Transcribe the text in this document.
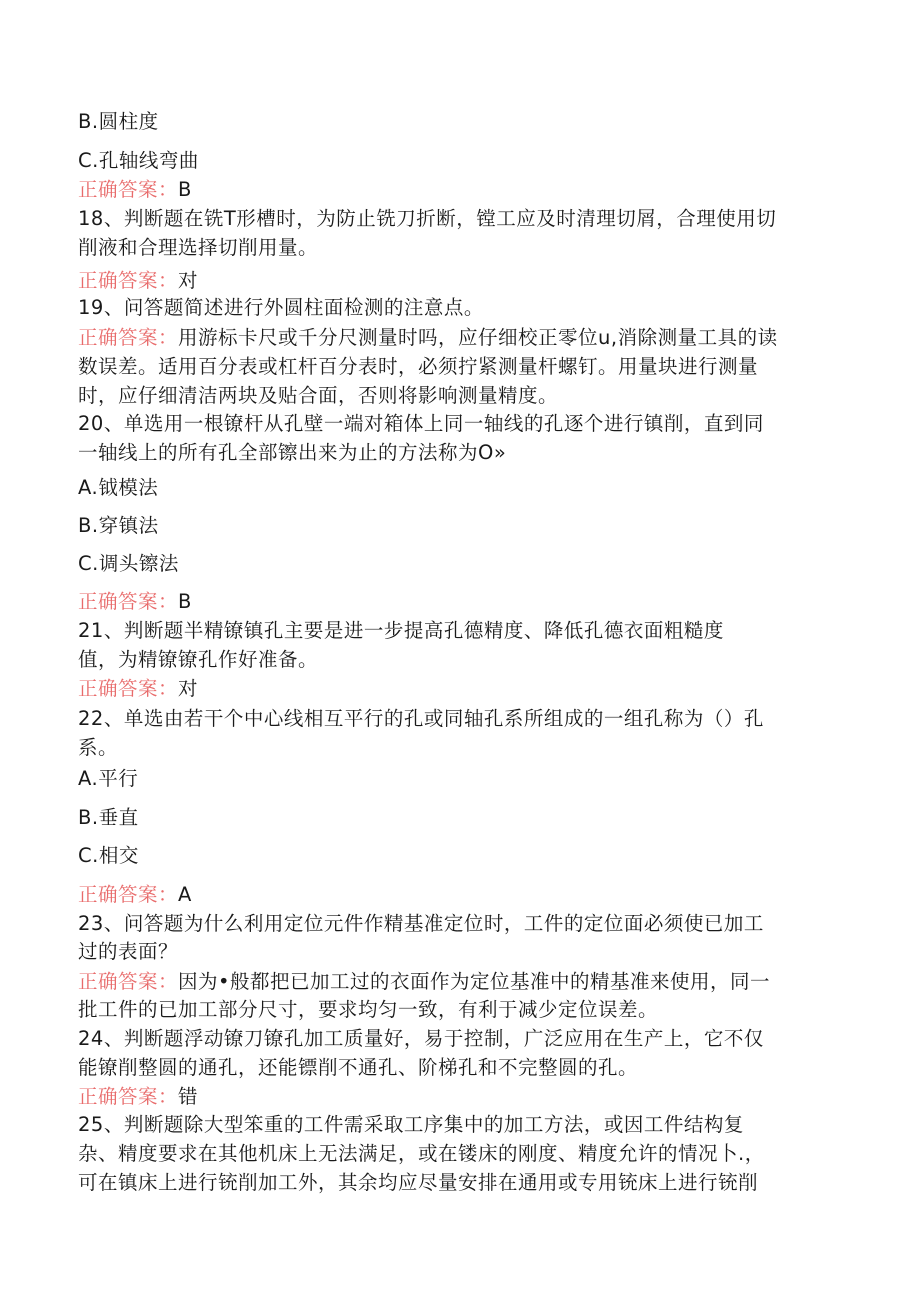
B.圆柱度
C.孔轴线弯曲
正确答案：B
18、判断题在铣T形槽时，为防止铣刀折断，镗工应及时清理切屑，合理使用切
削液和合理选择切削用量。
正确答案：对
19、问答题简述进行外圆柱面检测的注意点。
正确答案：用游标卡尺或千分尺测量时吗，应仔细校正零位u,消除测量工具的读
数误差。适用百分表或杠杆百分表时，必须拧紧测量杆螺钉。用量块进行测量
时，应仔细清洁两块及贴合面，否则将影响测量精度。
20、单选用一根镣杆从孔壁一端对箱体上同一轴线的孔逐个进行镇削，直到同
一轴线上的所有孔全部镲出来为止的方法称为O»
A.钺模法
B.穿镇法
C.调头镲法
正确答案：B
21、判断题半精镣镇孔主要是进一步提高孔德精度、降低孔德衣面粗糙度
值，为精镣镣孔作好准备。
正确答案：对
22、单选由若干个中心线相互平行的孔或同轴孔系所组成的一组孔称为（）孔
系。
A.平行
B.垂直
C.相交
正确答案：A
23、问答题为什么利用定位元件作精基准定位时，工件的定位面必须使已加工
过的表面？
正确答案：因为•般都把已加工过的衣面作为定位基准中的精基准来使用，同一
批工件的已加工部分尺寸，要求均匀一致，有利于减少定位误差。
24、判断题浮动镣刀镣孔加工质量好，易于控制，广泛应用在生产上，它不仅
能镣削整圆的通孔，还能镖削不通孔、阶梯孔和不完整圆的孔。
正确答案：错
25、判断题除大型笨重的工件需采取工序集中的加工方法，或因工件结构复
杂、精度要求在其他机床上无法满足，或在镂床的刚度、精度允许的情况卜.，
可在镇床上进行铳削加工外，其余均应尽量安排在通用或专用铳床上进行铳削
